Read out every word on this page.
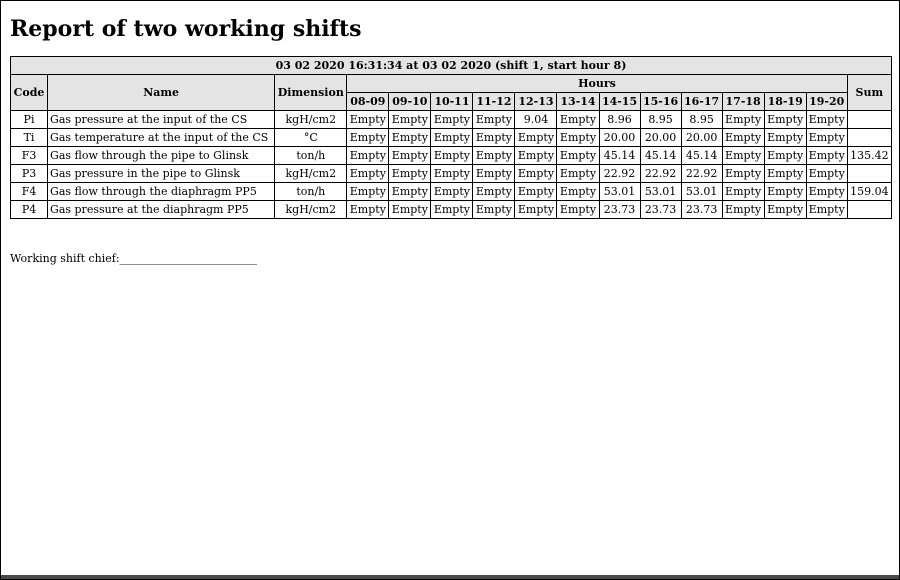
Report of two working shifts
03 02 2020 16:31:34 at 03 02 2020 (shift 1, start hour 8)															
Code	Name	Dimension	Hours												Sum
			08-09	09-10	10-11	11-12	12-13	13-14	14-15	15-16	16-17	17-18	18-19	19-20	
Pi	Gas pressure at the input of the CS	kgH/cm2	Empty	Empty	Empty	Empty	9.04	Empty	8.96	8.95	8.95	Empty	Empty	Empty	
Ti	Gas temperature at the input of the CS	°C	Empty	Empty	Empty	Empty	Empty	Empty	20.00	20.00	20.00	Empty	Empty	Empty	
F3	Gas flow through the pipe to Glinsk	ton/h	Empty	Empty	Empty	Empty	Empty	Empty	45.14	45.14	45.14	Empty	Empty	Empty	135.42
P3	Gas pressure in the pipe to Glinsk	kgH/cm2	Empty	Empty	Empty	Empty	Empty	Empty	22.92	22.92	22.92	Empty	Empty	Empty	
F4	Gas flow through the diaphragm PP5	ton/h	Empty	Empty	Empty	Empty	Empty	Empty	53.01	53.01	53.01	Empty	Empty	Empty	159.04
P4	Gas pressure at the diaphragm PP5	kgH/cm2	Empty	Empty	Empty	Empty	Empty	Empty	23.73	23.73	23.73	Empty	Empty	Empty	
Working shift chief:_________________________
